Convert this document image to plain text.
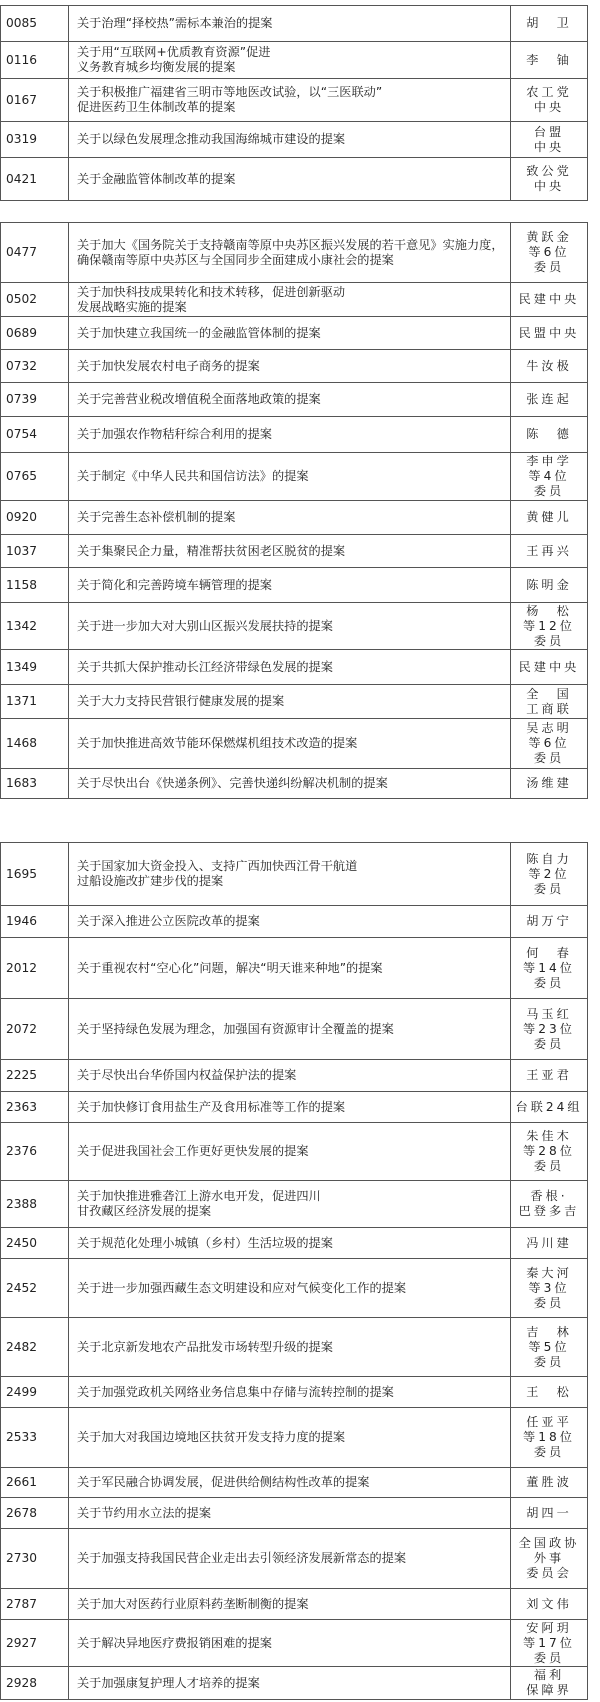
0085	关于治理“择校热”需标本兼治的提案	胡　卫
0116	关于用“互联网+优质教育资源”促进
义务教育城乡均衡发展的提案	李　铀
0167	关于积极推广福建省三明市等地医改试验，以“三医联动”
促进医药卫生体制改革的提案	农工党
中央
0319	关于以绿色发展理念推动我国海绵城市建设的提案	台盟
中央
0421	关于金融监管体制改革的提案	致公党
中央
0477	关于加大《国务院关于支持赣南等原中央苏区振兴发展的若干意见》实施力度，确保赣南等原中央苏区与全国同步全面建成小康社会的提案	黄跃金
等6位
委员
0502	关于加快科技成果转化和技术转移，促进创新驱动
发展战略实施的提案	民建中央
0689	关于加快建立我国统一的金融监管体制的提案	民盟中央
0732	关于加快发展农村电子商务的提案	牛汝极
0739	关于完善营业税改增值税全面落地政策的提案	张连起
0754	关于加强农作物秸秆综合利用的提案	陈　德
0765	关于制定《中华人民共和国信访法》的提案	李申学
等4位
委员
0920	关于完善生态补偿机制的提案	黄健儿
1037	关于集聚民企力量，精准帮扶贫困老区脱贫的提案	王再兴
1158	关于简化和完善跨境车辆管理的提案	陈明金
1342	关于进一步加大对大别山区振兴发展扶持的提案	杨　松
等12位
委员
1349	关于共抓大保护推动长江经济带绿色发展的提案	民建中央
1371	关于大力支持民营银行健康发展的提案	全　国
工商联
1468	关于加快推进高效节能环保燃煤机组技术改造的提案	吴志明
等6位
委员
1683	关于尽快出台《快递条例》、完善快递纠纷解决机制的提案	汤维建
1695	关于国家加大资金投入、支持广西加快西江骨干航道
过船设施改扩建步伐的提案	陈自力
等2位
委员
1946	关于深入推进公立医院改革的提案	胡万宁
2012	关于重视农村“空心化”问题，解决“明天谁来种地”的提案	何　春
等14位
委员
2072	关于坚持绿色发展为理念，加强国有资源审计全覆盖的提案	马玉红
等23位
委员
2225	关于尽快出台华侨国内权益保护法的提案	王亚君
2363	关于加快修订食用盐生产及食用标准等工作的提案	台联24组
2376	关于促进我国社会工作更好更快发展的提案	朱佳木
等28位
委员
2388	关于加快推进雅砻江上游水电开发，促进四川
甘孜藏区经济发展的提案	香根·
巴登多吉
2450	关于规范化处理小城镇（乡村）生活垃圾的提案	冯川建
2452	关于进一步加强西藏生态文明建设和应对气候变化工作的提案	秦大河
等3位
委员
2482	关于北京新发地农产品批发市场转型升级的提案	吉　林
等5位
委员
2499	关于加强党政机关网络业务信息集中存储与流转控制的提案	王　松
2533	关于加大对我国边境地区扶贫开发支持力度的提案	任亚平
等18位
委员
2661	关于军民融合协调发展，促进供给侧结构性改革的提案	董胜波
2678	关于节约用水立法的提案	胡四一
2730	关于加强支持我国民营企业走出去引领经济发展新常态的提案	全国政协
外事
委员会
2787	关于加大对医药行业原料药垄断制衡的提案	刘文伟
2927	关于解决异地医疗费报销困难的提案	安阿玥
等17位
委员
2928	关于加强康复护理人才培养的提案	福利
保障界
